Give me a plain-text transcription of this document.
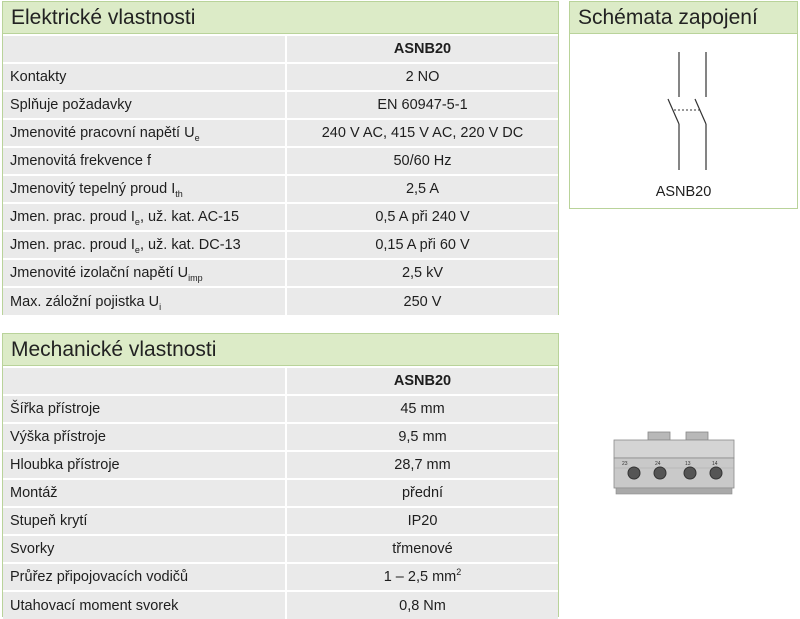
Elektrické vlastnosti
	ASNB20
Kontakty	2 NO
Splňuje požadavky	EN 60947-5-1
Jmenovité pracovní napětí $U_e$	240 V AC, 415 V AC, 220 V DC
Jmenovitá frekvence f	50/60 Hz
Jmenovitý tepelný proud $I_{th}$	2,5 A
Jmen. prac. proud $I_e$, už. kat. AC-15	0,5 A při 240 V
Jmen. prac. proud $I_e$, už. kat. DC-13	0,15 A při 60 V
Jmenovité izolační napětí $U_{imp}$	2,5 kV
Max. záložní pojistka $U_i$	250 V
Mechanické vlastnosti
	ASNB20
Šířka přístroje	45 mm
Výška přístroje	9,5 mm
Hloubka přístroje	28,7 mm
Montáž	přední
Stupeň krytí	IP20
Svorky	třmenové
Průřez připojovacích vodičů	1 – 2,5 $mm^2$
Utahovací moment svorek	0,8 Nm
Schémata zapojení
ASNB20
23	24	13	14
